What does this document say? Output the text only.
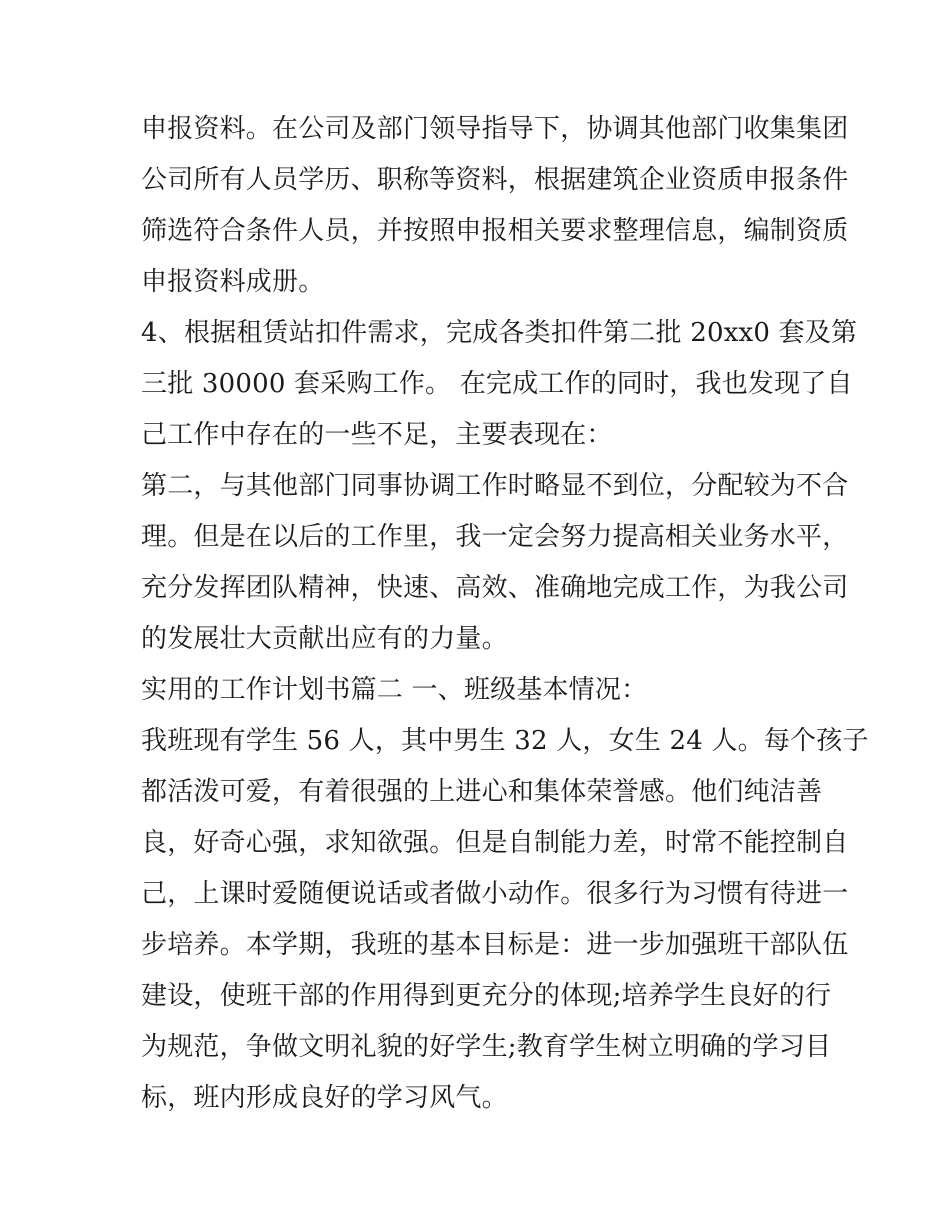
申报资料。在公司及部门领导指导下，协调其他部门收集集团
公司所有人员学历、职称等资料，根据建筑企业资质申报条件
筛选符合条件人员，并按照申报相关要求整理信息，编制资质
申报资料成册。
4、根据租赁站扣件需求，完成各类扣件第二批 20xx0 套及第
三批 30000 套采购工作。 在完成工作的同时，我也发现了自
己工作中存在的一些不足，主要表现在：
第二，与其他部门同事协调工作时略显不到位，分配较为不合
理。但是在以后的工作里，我一定会努力提高相关业务水平，
充分发挥团队精神，快速、高效、准确地完成工作，为我公司
的发展壮大贡献出应有的力量。
实用的工作计划书篇二 一、班级基本情况：
我班现有学生 56 人，其中男生 32 人，女生 24 人。每个孩子
都活泼可爱，有着很强的上进心和集体荣誉感。他们纯洁善
良，好奇心强，求知欲强。但是自制能力差，时常不能控制自
己，上课时爱随便说话或者做小动作。很多行为习惯有待进一
步培养。本学期，我班的基本目标是：进一步加强班干部队伍
建设，使班干部的作用得到更充分的体现;培养学生良好的行
为规范，争做文明礼貌的好学生;教育学生树立明确的学习目
标，班内形成良好的学习风气。
